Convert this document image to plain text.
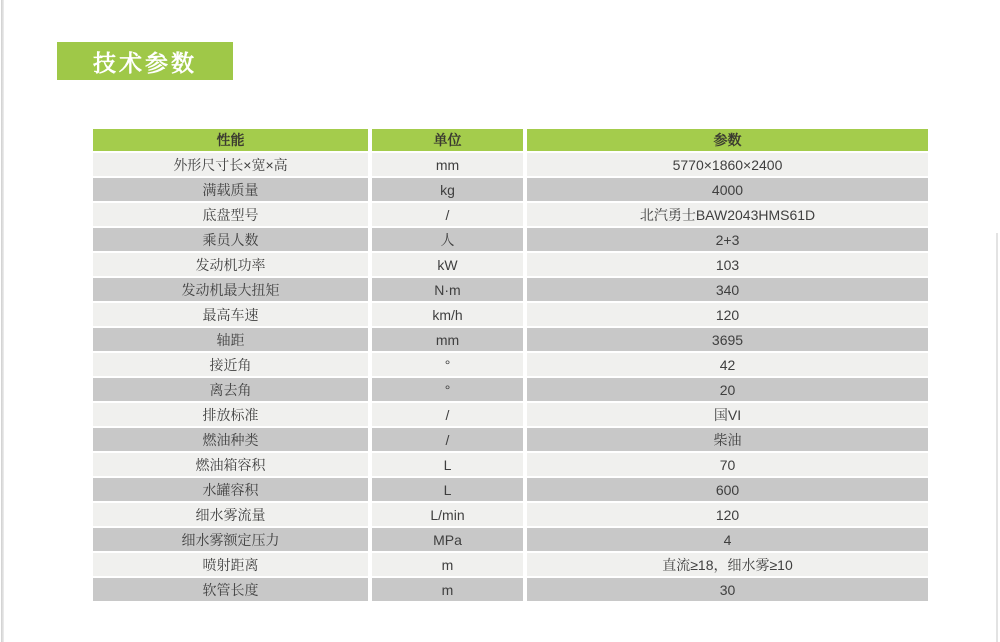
技术参数
性能	单位	参数
外形尺寸长×宽×高	mm	5770×1860×2400
满载质量	kg	4000
底盘型号	/	北汽勇士BAW2043HMS61D
乘员人数	人	2+3
发动机功率	kW	103
发动机最大扭矩	N·m	340
最高车速	km/h	120
轴距	mm	3695
接近角	°	42
离去角	°	20
排放标准	/	国VI
燃油种类	/	柴油
燃油箱容积	L	70
水罐容积	L	600
细水雾流量	L/min	120
细水雾额定压力	MPa	4
喷射距离	m	直流≥18，细水雾≥10
软管长度	m	30
